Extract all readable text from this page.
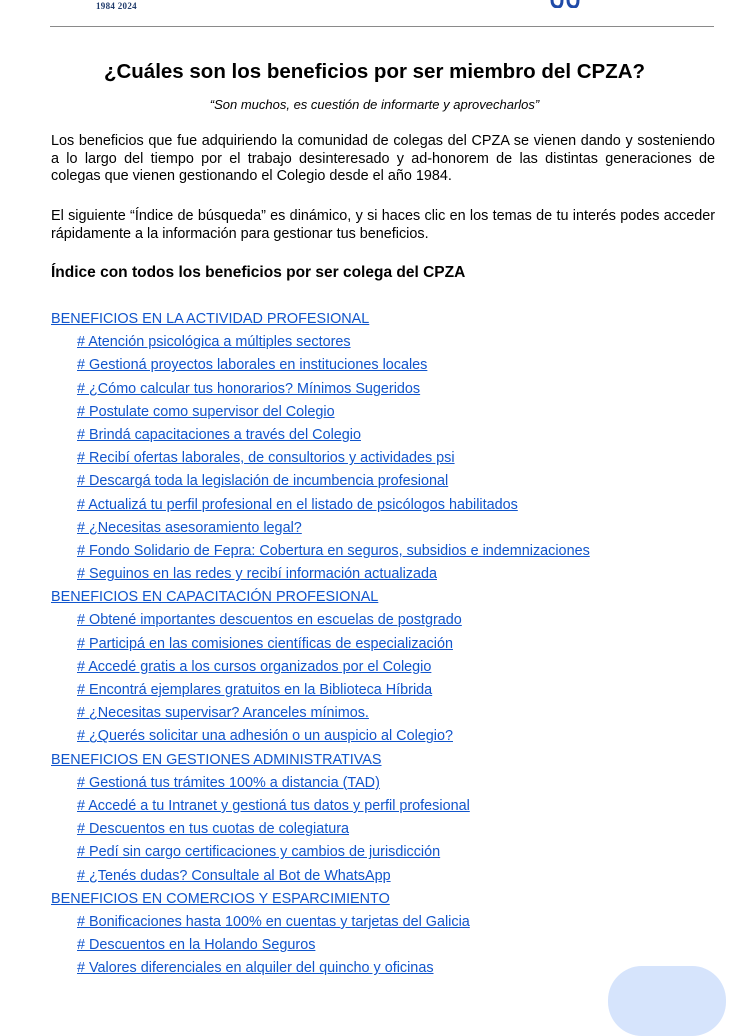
1984 2024
¿Cuáles son los beneficios por ser miembro del CPZA?

“Son muchos, es cuestión de informarte y aprovecharlos”

Los beneficios que fue adquiriendo la comunidad de colegas del CPZA se vienen dando y sosteniendo a lo largo del tiempo por el trabajo desinteresado y ad-honorem de las distintas generaciones de colegas que vienen gestionando el Colegio desde el año 1984.

El siguiente “Índice de búsqueda” es dinámico, y si haces clic en los temas de tu interés podes acceder rápidamente a la información para gestionar tus beneficios.

Índice con todos los beneficios por ser colega del CPZA
BENEFICIOS EN LA ACTIVIDAD PROFESIONAL
# Atención psicológica a múltiples sectores
# Gestioná proyectos laborales en instituciones locales
# ¿Cómo calcular tus honorarios? Mínimos Sugeridos
# Postulate como supervisor del Colegio
# Brindá capacitaciones a través del Colegio
# Recibí ofertas laborales, de consultorios y actividades psi
# Descargá toda la legislación de incumbencia profesional
# Actualizá tu perfil profesional en el listado de psicólogos habilitados
# ¿Necesitas asesoramiento legal?
# Fondo Solidario de Fepra: Cobertura en seguros, subsidios e indemnizaciones
# Seguinos en las redes y recibí información actualizada
BENEFICIOS EN CAPACITACIÓN PROFESIONAL
# Obtené importantes descuentos en escuelas de postgrado
# Participá en las comisiones científicas de especialización
# Accedé gratis a los cursos organizados por el Colegio
# Encontrá ejemplares gratuitos en la Biblioteca Híbrida
# ¿Necesitas supervisar? Aranceles mínimos.
# ¿Querés solicitar una adhesión o un auspicio al Colegio?
BENEFICIOS EN GESTIONES ADMINISTRATIVAS
# Gestioná tus trámites 100% a distancia (TAD)
# Accedé a tu Intranet y gestioná tus datos y perfil profesional
# Descuentos en tus cuotas de colegiatura
# Pedí sin cargo certificaciones y cambios de jurisdicción
# ¿Tenés dudas? Consultale al Bot de WhatsApp
BENEFICIOS EN COMERCIOS Y ESPARCIMIENTO
# Bonificaciones hasta 100% en cuentas y tarjetas del Galicia
# Descuentos en la Holando Seguros
# Valores diferenciales en alquiler del quincho y oficinas
